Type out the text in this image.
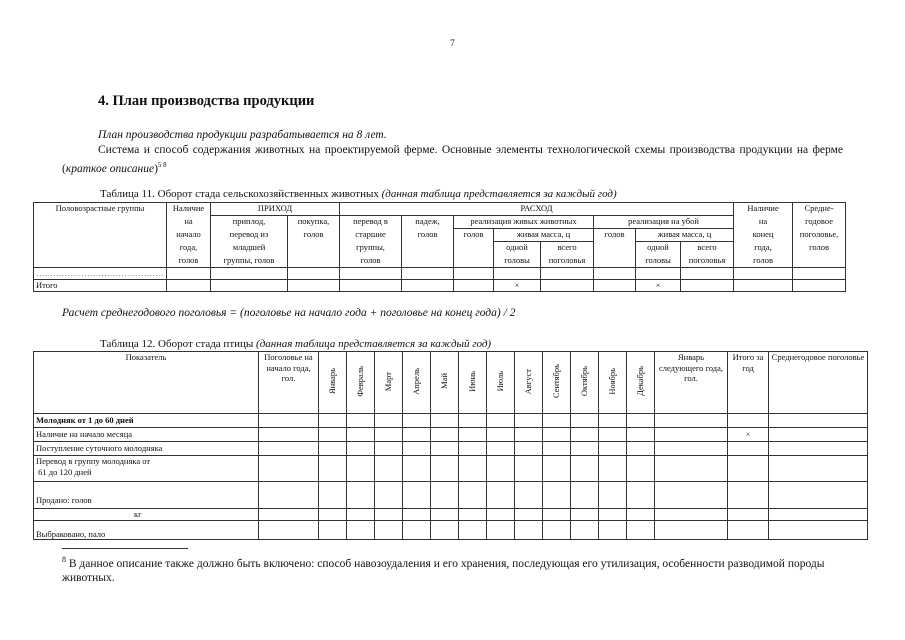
7
4. План производства продукции
План производства продукции разрабатывается на 8 лет.
Система и способ содержания животных на проектируемой ферме. Основные элементы технологической схемы производства продукции на ферме (краткое описание)$^{5 8}$
Таблица 11. Оборот стада сельскохозяйственных животных (данная таблица представляется за каждый год)
Половозрастные группы	Наличие	ПРИХОД		РАСХОД								Наличие	Средне-
	на	приплод,	покупка,	перевод в	падеж,	реализация живых животных			реализация на убой			на	годовое
	начало	перевод из	голов	старшие	голов	голов	живая масса, ц		голов	живая масса, ц		конец	поголовье,
	года,	младшей		группы,			одной	всего		одной	всего	года,	голов
	голов	группы, голов		голов			головы	поголовья		головы	поголовья	голов	
………………………………………													
Итого							×			×			
Расчет среднегодового поголовья = (поголовье на начало года + поголовье на конец года) / 2
Таблица 12. Оборот стада птицы (данная таблица представляется за каждый год)
Показатель	Поголовье на начало года, гол.	Январь	Февраль	Март	Апрель	Май	Июнь	Июль	Август	Сентябрь	Октябрь	Ноябрь	Декабрь	Январь следующего года, гол.	Итого за год	Среднегодовое поголовье
Молодняк от 1 до 60 дней																
Наличие на начало месяца															×	
Поступление суточного молодняка																
Перевод в группу молодняка от
61 до 120 дней																

Продано: голов																
кг																
Выбраковано, пало																
$^8$ В данное описание также должно быть включено: способ навозоудаления и его хранения, последующая его утилизация, особенности разводимой породы животных.
